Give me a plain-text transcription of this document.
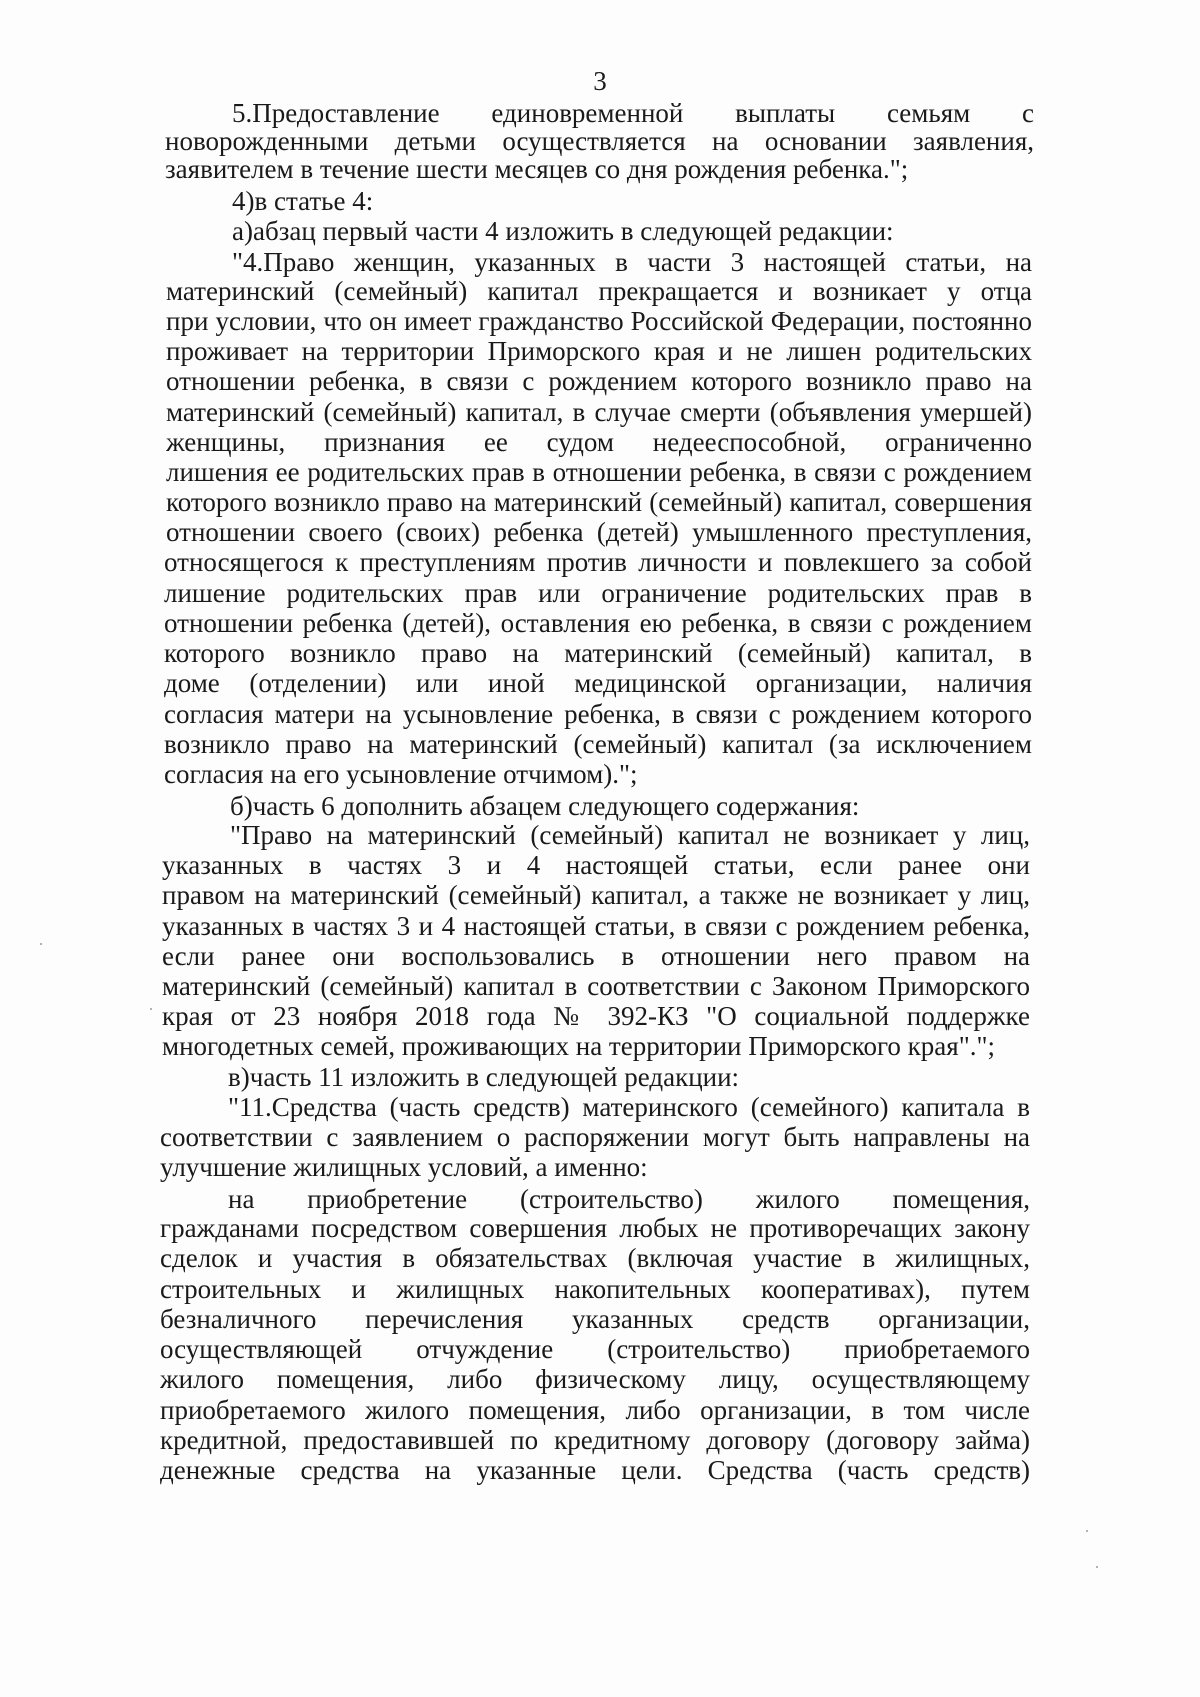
3
5.Предоставление единовременной выплаты семьям с
новорожденными детьми осуществляется на основании заявления,
заявителем в течение шести месяцев со дня рождения ребенка.";
4)в статье 4:
а)абзац первый части 4 изложить в следующей редакции:
"4.Право женщин, указанных в части 3 настоящей статьи, на
материнский (семейный) капитал прекращается и возникает у отца
при условии, что он имеет гражданство Российской Федерации, постоянно
проживает на территории Приморского края и не лишен родительских
отношении ребенка, в связи с рождением которого возникло право на
материнский (семейный) капитал, в случае смерти (объявления умершей)
женщины, признания ее судом недееспособной, ограниченно
лишения ее родительских прав в отношении ребенка, в связи с рождением
которого возникло право на материнский (семейный) капитал, совершения
отношении своего (своих) ребенка (детей) умышленного преступления,
относящегося к преступлениям против личности и повлекшего за собой
лишение родительских прав или ограничение родительских прав в
отношении ребенка (детей), оставления ею ребенка, в связи с рождением
которого возникло право на материнский (семейный) капитал, в
доме (отделении) или иной медицинской организации, наличия
согласия матери на усыновление ребенка, в связи с рождением которого
возникло право на материнский (семейный) капитал (за исключением
согласия на его усыновление отчимом).";
б)часть 6 дополнить абзацем следующего содержания:
"Право на материнский (семейный) капитал не возникает у лиц,
указанных в частях 3 и 4 настоящей статьи, если ранее они
правом на материнский (семейный) капитал, а также не возникает у лиц,
указанных в частях 3 и 4 настоящей статьи, в связи с рождением ребенка,
если ранее они воспользовались в отношении него правом на
материнский (семейный) капитал в соответствии с Законом Приморского
края от 23 ноября 2018 года № 392-КЗ "О социальной поддержке
многодетных семей, проживающих на территории Приморского края".";
в)часть 11 изложить в следующей редакции:
"11.Средства (часть средств) материнского (семейного) капитала в
соответствии с заявлением о распоряжении могут быть направлены на
улучшение жилищных условий, а именно:
на приобретение (строительство) жилого помещения,
гражданами посредством совершения любых не противоречащих закону
сделок и участия в обязательствах (включая участие в жилищных,
строительных и жилищных накопительных кооперативах), путем
безналичного перечисления указанных средств организации,
осуществляющей отчуждение (строительство) приобретаемого
жилого помещения, либо физическому лицу, осуществляющему
приобретаемого жилого помещения, либо организации, в том числе
кредитной, предоставившей по кредитному договору (договору займа)
денежные средства на указанные цели. Средства (часть средств)
